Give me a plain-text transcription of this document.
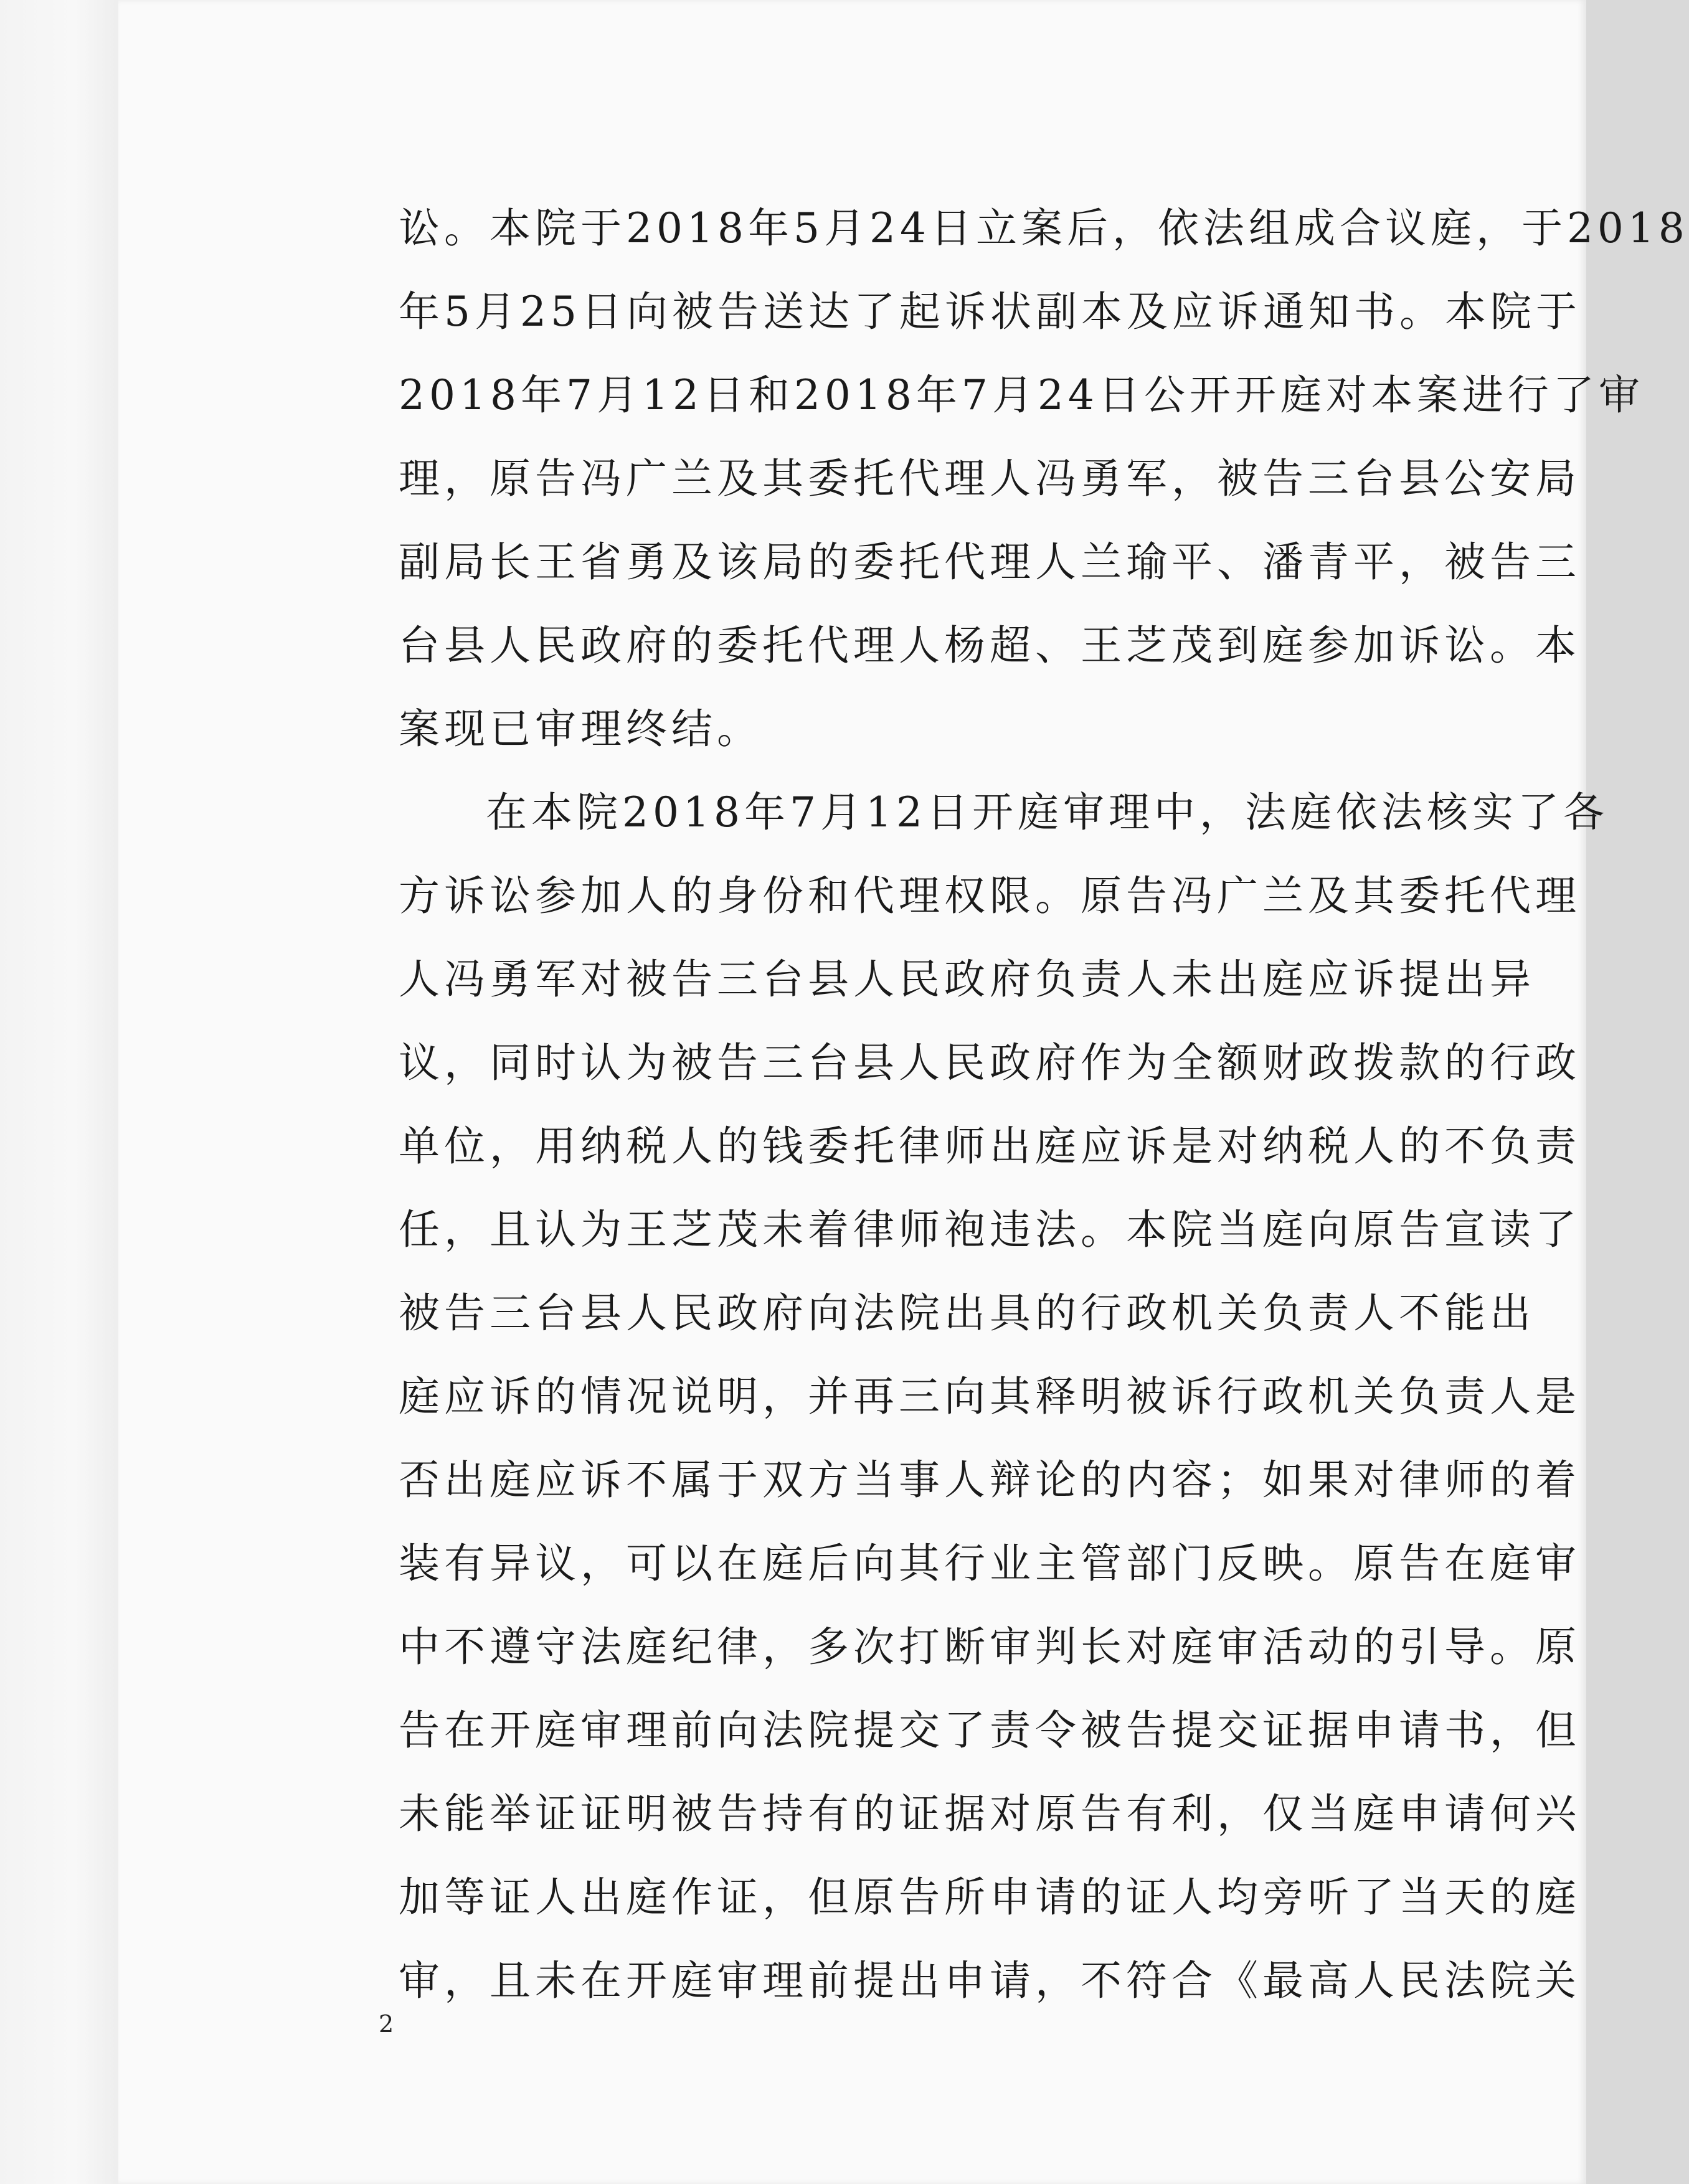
讼。本院于2018年5月24日立案后，依法组成合议庭，于2018
年5月25日向被告送达了起诉状副本及应诉通知书。本院于
2018年7月12日和2018年7月24日公开开庭对本案进行了审
理，原告冯广兰及其委托代理人冯勇军，被告三台县公安局
副局长王省勇及该局的委托代理人兰瑜平、潘青平，被告三
台县人民政府的委托代理人杨超、王芝茂到庭参加诉讼。本
案现已审理终结。
在本院2018年7月12日开庭审理中，法庭依法核实了各
方诉讼参加人的身份和代理权限。原告冯广兰及其委托代理
人冯勇军对被告三台县人民政府负责人未出庭应诉提出异
议，同时认为被告三台县人民政府作为全额财政拨款的行政
单位，用纳税人的钱委托律师出庭应诉是对纳税人的不负责
任，且认为王芝茂未着律师袍违法。本院当庭向原告宣读了
被告三台县人民政府向法院出具的行政机关负责人不能出
庭应诉的情况说明，并再三向其释明被诉行政机关负责人是
否出庭应诉不属于双方当事人辩论的内容；如果对律师的着
装有异议，可以在庭后向其行业主管部门反映。原告在庭审
中不遵守法庭纪律，多次打断审判长对庭审活动的引导。原
告在开庭审理前向法院提交了责令被告提交证据申请书，但
未能举证证明被告持有的证据对原告有利，仅当庭申请何兴
加等证人出庭作证，但原告所申请的证人均旁听了当天的庭
审，且未在开庭审理前提出申请，不符合《最高人民法院关
2
